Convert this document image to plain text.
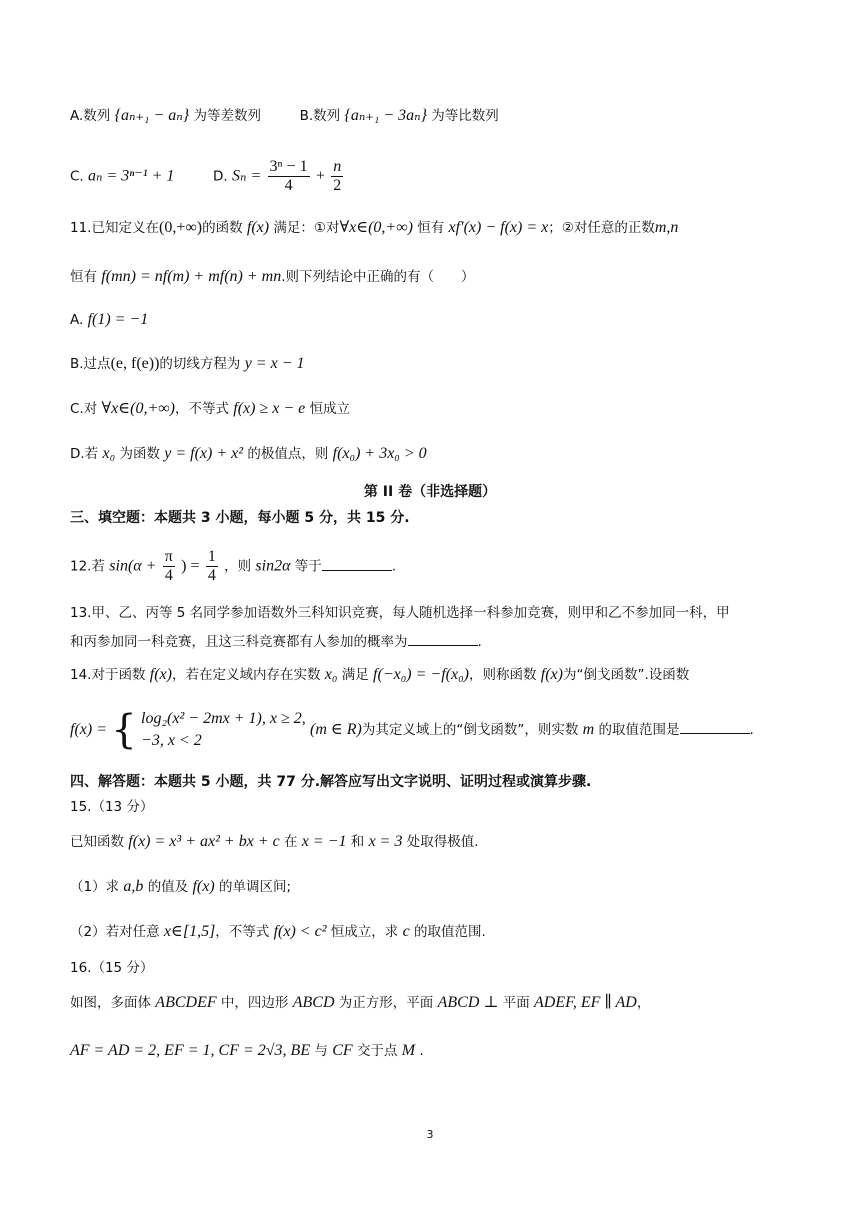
A.数列 {aₙ₊₁ − aₙ} 为等差数列	B.数列 {aₙ₊₁ − 3aₙ} 为等比数列
C. aₙ = 3ⁿ⁻¹ + 1	D. $S_n = \frac{\text{3ⁿ − 1}}{4} + \frac{n}{2}$
11.已知定义在(0,+∞)的函数 f(x) 满足：①对∀x∈(0,+∞) 恒有 xf′(x) − f(x) = x；②对任意的正数m,n
恒有 f(mn) = nf(m) + mf(n) + mn.则下列结论中正确的有（　　）
A. f(1) = −1
B.过点(e, f(e))的切线方程为 y = x − 1
C.对 ∀x∈(0,+∞)，不等式 f(x) ≥ x − e 恒成立
D.若 x₀ 为函数 y = f(x) + x² 的极值点，则 f(x₀) + 3x₀ > 0
第 II 卷（非选择题）
三、填空题：本题共 3 小题，每小题 5 分，共 15 分.
12.若 $\sin(\alpha + \frac{\pi}{4}$ ) = $\frac{1}{4}$ ，则 sin2α 等于	.
13.甲、乙、丙等 5 名同学参加语数外三科知识竞赛，每人随机选择一科参加竞赛，则甲和乙不参加同一科，甲
和丙参加同一科竞赛，且这三科竞赛都有人参加的概率为	.
14.对于函数 f(x)，若在定义域内存在实数 x₀ 满足 f(−x₀) = −f(x₀)，则称函数 f(x)为“倒戈函数”.设函数
f(x) = { log₂(x² − 2mx + 1), x ≥ 2,
−3, x < 2
(m ∈ R)为其定义域上的“倒戈函数”，则实数 m 的取值范围是	.
四、解答题：本题共 5 小题，共 77 分.解答应写出文字说明、证明过程或演算步骤.
15.（13 分）
已知函数 f(x) = x³ + ax² + bx + c 在 x = −1 和 x = 3 处取得极值.
（1）求 a,b 的值及 f(x) 的单调区间;
（2）若对任意 x∈[1,5]，不等式 f(x) < c² 恒成立，求 c 的取值范围.
16.（15 分）
如图，多面体 ABCDEF 中，四边形 ABCD 为正方形，平面 ABCD ⊥ 平面 ADEF, EF ∥ AD，
AF = AD = 2, EF = 1, CF = 2√3, BE 与 CF 交于点 M .
3
